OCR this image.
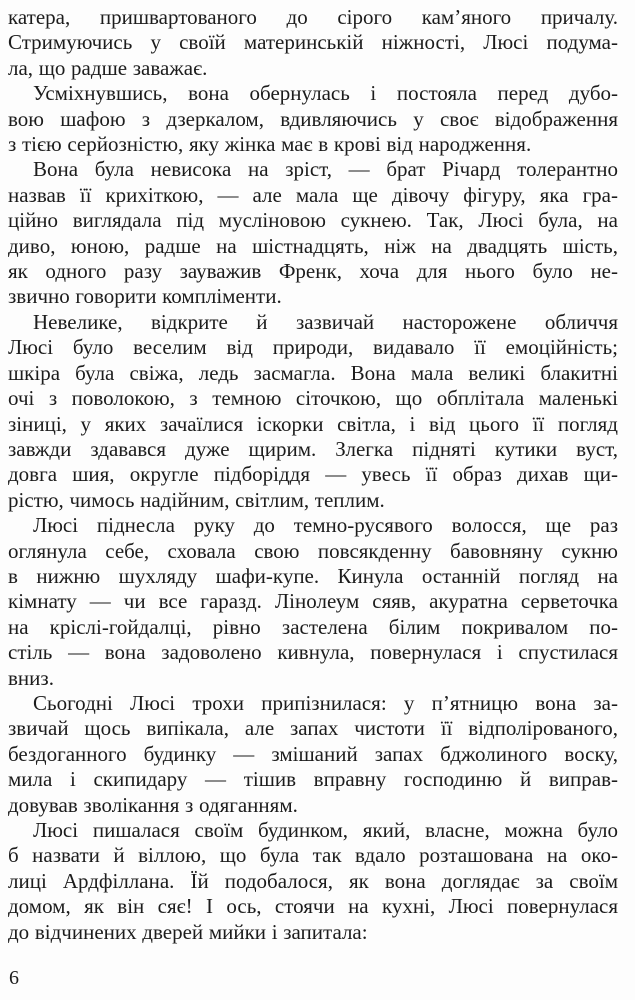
катера, пришвартованого до сірого кам’яного причалу.
Стримуючись у своїй материнській ніжності, Люсі подума-
ла, що радше заважає.
Усміхнувшись, вона обернулась і постояла перед дубо-
вою шафою з дзеркалом, вдивляючись у своє відображення
з тією серйозністю, яку жінка має в крові від народження.
Вона була невисока на зріст, — брат Річард толерантно
назвав її крихіткою, — але мала ще дівочу фігуру, яка гра-
ційно виглядала під мусліновою сукнею. Так, Люсі була, на
диво, юною, радше на шістнадцять, ніж на двадцять шість,
як одного разу зауважив Френк, хоча для нього було не-
звично говорити компліменти.
Невелике, відкрите й зазвичай насторожене обличчя
Люсі було веселим від природи, видавало її емоційність;
шкіра була свіжа, ледь засмагла. Вона мала великі блакитні
очі з поволокою, з темною сіточкою, що обплітала маленькі
зіниці, у яких зачаїлися іскорки світла, і від цього її погляд
завжди здавався дуже щирим. Злегка підняті кутики вуст,
довга шия, округле підборіддя — увесь її образ дихав щи-
рістю, чимось надійним, світлим, теплим.
Люсі піднесла руку до темно-русявого волосся, ще раз
оглянула себе, сховала свою повсякденну бавовняну сукню
в нижню шухляду шафи-купе. Кинула останній погляд на
кімнату — чи все гаразд. Лінолеум сяяв, акуратна серветочка
на кріслі-гойдалці, рівно застелена білим покривалом по-
стіль — вона задоволено кивнула, повернулася і спустилася
вниз.
Сьогодні Люсі трохи припізнилася: у п’ятницю вона за-
звичай щось випікала, але запах чистоти її відполірованого,
бездоганного будинку — змішаний запах бджолиного воску,
мила і скипидару — тішив вправну господиню й виправ-
довував зволікання з одяганням.
Люсі пишалася своїм будинком, який, власне, можна було
б назвати й віллою, що була так вдало розташована на око-
лиці Ардфіллана. Їй подобалося, як вона доглядає за своїм
домом, як він сяє! І ось, стоячи на кухні, Люсі повернулася
до відчинених дверей мийки і запитала:
6
